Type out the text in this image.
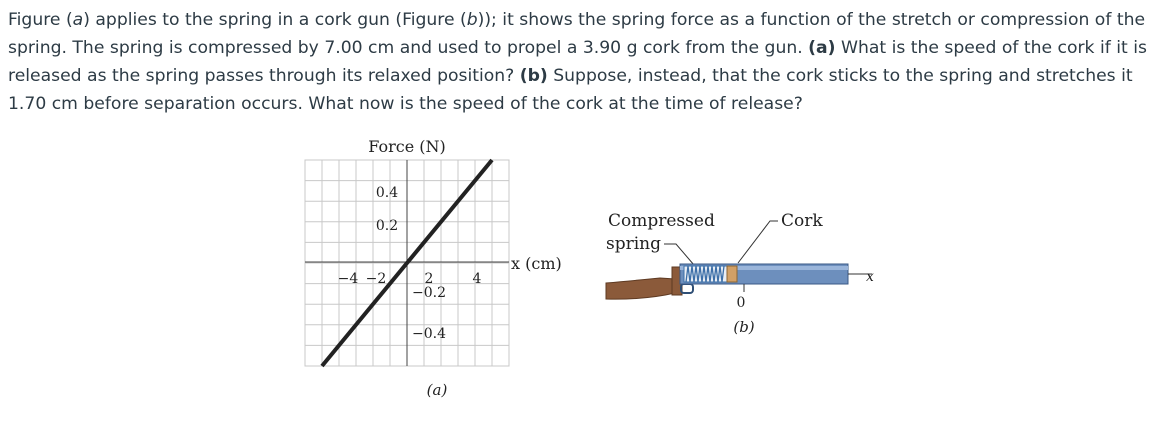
Figure (a) applies to the spring in a cork gun (Figure (b)); it shows the spring force as a function of the stretch or compression of the spring. The spring is compressed by 7.00 cm and used to propel a 3.90 g cork from the gun. (a) What is the speed of the cork if it is released as the spring passes through its relaxed position? (b) Suppose, instead, that the cork sticks to the spring and stretches it 1.70 cm before separation occurs. What now is the speed of the cork at the time of release?
Force (N)
x (cm)
0.4
0.2
−0.2
−0.4
−4 −2	2	4
(a)
Compressed
spring
Cork
0
x
(b)
